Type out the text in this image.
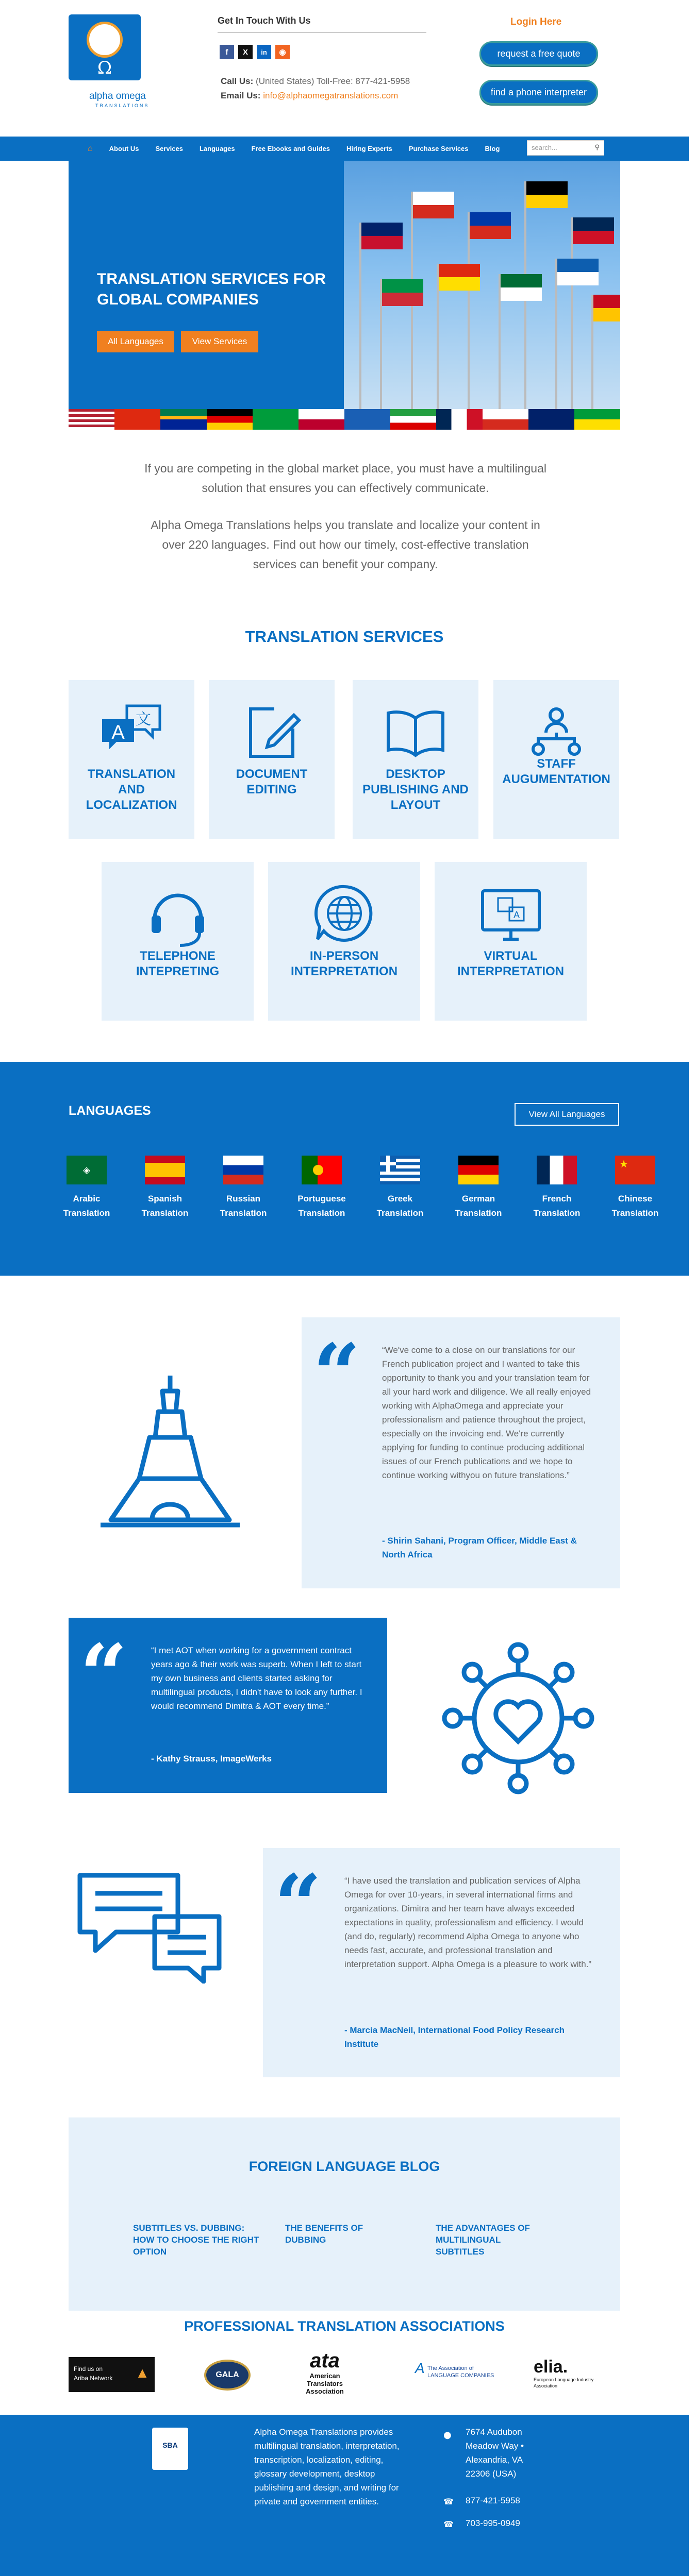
Ω
alpha omega
TRANSLATIONS
Get In Touch With Us
f	X	in	◉
Call Us: (United States) Toll-Free: 877-421-5958
Email Us: info@alphaomegatranslations.com
Login Here
request a free quote
find a phone interpreter
⌂ About Us Services Languages Free Ebooks and Guides Hiring Experts Purchase Services Blog	search...	⚲
TRANSLATION SERVICES FOR GLOBAL COMPANIES
All Languages	View Services

If you are competing in the global market place, you must have a multilingual solution that ensures you can effectively communicate.

Alpha Omega Translations helps you translate and localize your content in over 220 languages. Find out how our timely, cost-effective translation services can benefit your company.

TRANSLATION SERVICES
A
文
TRANSLATION AND LOCALIZATION
DOCUMENT EDITING
DESKTOP PUBLISHING AND LAYOUT
STAFF AUGUMENTATION
TELEPHONE INTEPRETING
IN-PERSON INTERPRETATION
A
VIRTUAL INTERPRETATION
LANGUAGES	View All Languages
◈
Arabic
Translation
Spanish
Translation
Russian
Translation
Portuguese
Translation
Greek
Translation
German
Translation
French
Translation
★
Chinese
Translation
“ “We've come to a close on our translations for our French publication project and I wanted to take this opportunity to thank you and your translation team for all your hard work and diligence. We all really enjoyed working with AlphaOmega and appreciate your professionalism and patience throughout the project, especially on the invoicing end. We're currently applying for funding to continue producing additional issues of our French publications and we hope to continue working withyou on future translations.”
- Shirin Sahani, Program Officer, Middle East & North Africa
“	“I met AOT when working for a government contract years ago & their work was superb. When I left to start my own business and clients started asking for multilingual products, I didn't have to look any further. I would recommend Dimitra & AOT every time.”
- Kathy Strauss, ImageWerks
“	“I have used the translation and publication services of Alpha Omega for over 10-years, in several international firms and organizations. Dimitra and her team have always exceeded expectations in quality, professionalism and efficiency. I would (and do, regularly) recommend Alpha Omega to anyone who needs fast, accurate, and professional translation and interpretation support. Alpha Omega is a pleasure to work with.”
- Marcia MacNeil, International Food Policy Research Institute
FOREIGN LANGUAGE BLOG
SUBTITLES VS. DUBBING: HOW TO CHOOSE THE RIGHT OPTION
THE BENEFITS OF DUBBING
THE ADVANTAGES OF MULTILINGUAL SUBTITLES
PROFESSIONAL TRANSLATION ASSOCIATIONS
Find us on
Ariba Network	▲	GALA
ata
American Translators Association
A The Association of
LANGUAGE COMPANIES	elia.
European Language Industry Association
SBA
Alpha Omega Translations provides multilingual translation, interpretation, transcription, localization, editing, glossary development, desktop publishing and design, and writing for private and government entities.
● 7674 Audubon Meadow Way • Alexandria, VA 22306 (USA)
☎ 877-421-5958
☎ 703-995-0949
